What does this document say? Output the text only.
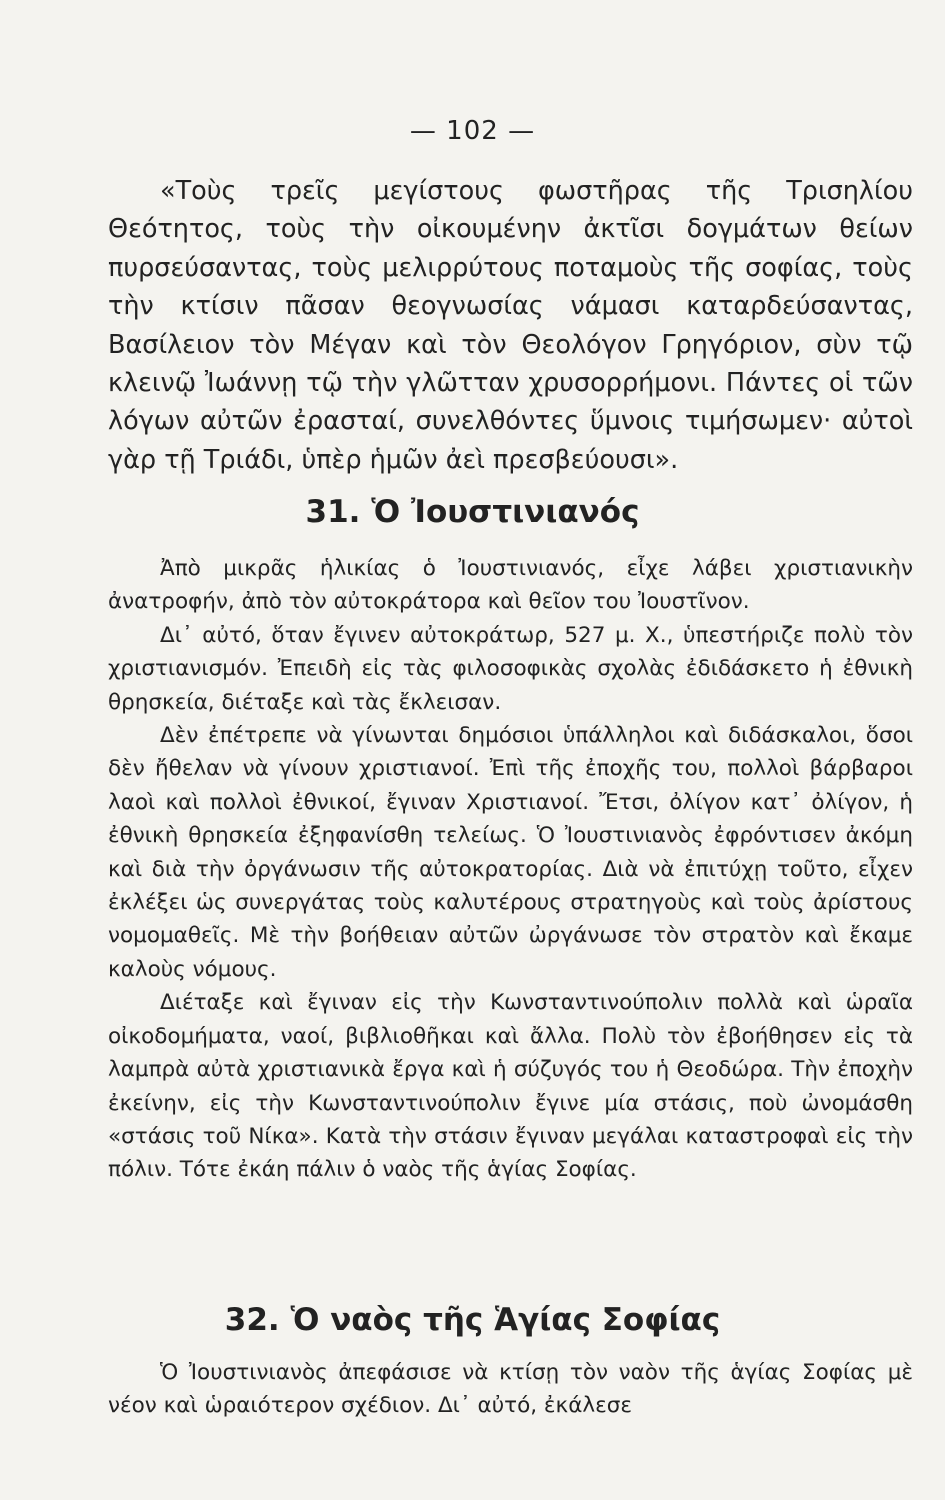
— 102 —

«Τοὺς τρεῖς μεγίστους φωστῆρας τῆς Τρισηλίου Θεότητος, τοὺς τὴν οἰκουμένην ἀκτῖσι δογμάτων θείων πυρσεύσαντας, τοὺς μελιρρύτους ποταμοὺς τῆς σοφίας, τοὺς τὴν κτίσιν πᾶσαν θεογνωσίας νάμασι καταρδεύσαντας, Βασίλειον τὸν Μέγαν καὶ τὸν Θεολόγον Γρηγόριον, σὺν τῷ κλεινῷ Ἰωάννῃ τῷ τὴν γλῶτταν χρυσορρήμονι. Πάντες οἱ τῶν λόγων αὐτῶν ἐρασταί, συνελθόντες ὕμνοις τιμήσωμεν· αὐτοὶ γὰρ τῇ Τριάδι, ὑπὲρ ἡμῶν ἀεὶ πρεσβεύουσι».

31. Ὁ Ἰουστινιανός

Ἀπὸ μικρᾶς ἡλικίας ὁ Ἰουστινιανός, εἶχε λάβει χριστιανικὴν ἀνατροφήν, ἀπὸ τὸν αὐτοκράτορα καὶ θεῖον του Ἰουστῖνον.

Δι᾽ αὐτό, ὅταν ἔγινεν αὐτοκράτωρ, 527 μ. Χ., ὑπεστήριζε πολὺ τὸν χριστιανισμόν. Ἐπειδὴ εἰς τὰς φιλοσοφικὰς σχολὰς ἐδιδάσκετο ἡ ἐθνικὴ θρησκεία, διέταξε καὶ τὰς ἔκλεισαν.

Δὲν ἐπέτρεπε νὰ γίνωνται δημόσιοι ὑπάλληλοι καὶ διδάσκαλοι, ὅσοι δὲν ἤθελαν νὰ γίνουν χριστιανοί. Ἐπὶ τῆς ἐποχῆς του, πολλοὶ βάρβαροι λαοὶ καὶ πολλοὶ ἐθνικοί, ἔγιναν Χριστιανοί. Ἔτσι, ὀλίγον κατ᾽ ὀλίγον, ἡ ἐθνικὴ θρησκεία ἐξηφανίσθη τελείως. Ὁ Ἰουστινιανὸς ἐφρόντισεν ἀκόμη καὶ διὰ τὴν ὀργάνωσιν τῆς αὐτοκρατορίας. Διὰ νὰ ἐπιτύχῃ τοῦτο, εἶχεν ἐκλέξει ὡς συνεργάτας τοὺς καλυτέρους στρατηγοὺς καὶ τοὺς ἀρίστους νομομαθεῖς. Μὲ τὴν βοήθειαν αὐτῶν ὠργάνωσε τὸν στρατὸν καὶ ἔκαμε καλοὺς νόμους.

Διέταξε καὶ ἔγιναν εἰς τὴν Κωνσταντινούπολιν πολλὰ καὶ ὡραῖα οἰκοδομήματα, ναοί, βιβλιοθῆκαι καὶ ἄλλα. Πολὺ τὸν ἐβοήθησεν εἰς τὰ λαμπρὰ αὐτὰ χριστιανικὰ ἔργα καὶ ἡ σύζυγός του ἡ Θεοδώρα. Τὴν ἐποχὴν ἐκείνην, εἰς τὴν Κωνσταντινούπολιν ἔγινε μία στάσις, ποὺ ὠνομάσθη «στάσις τοῦ Νίκα». Κατὰ τὴν στάσιν ἔγιναν μεγάλαι καταστροφαὶ εἰς τὴν πόλιν. Τότε ἐκάη πάλιν ὁ ναὸς τῆς ἁγίας Σοφίας.

32. Ὁ ναὸς τῆς Ἁγίας Σοφίας

Ὁ Ἰουστινιανὸς ἀπεφάσισε νὰ κτίσῃ τὸν ναὸν τῆς ἁγίας Σοφίας μὲ νέον καὶ ὡραιότερον σχέδιον. Δι᾽ αὐτό, ἐκάλεσε
